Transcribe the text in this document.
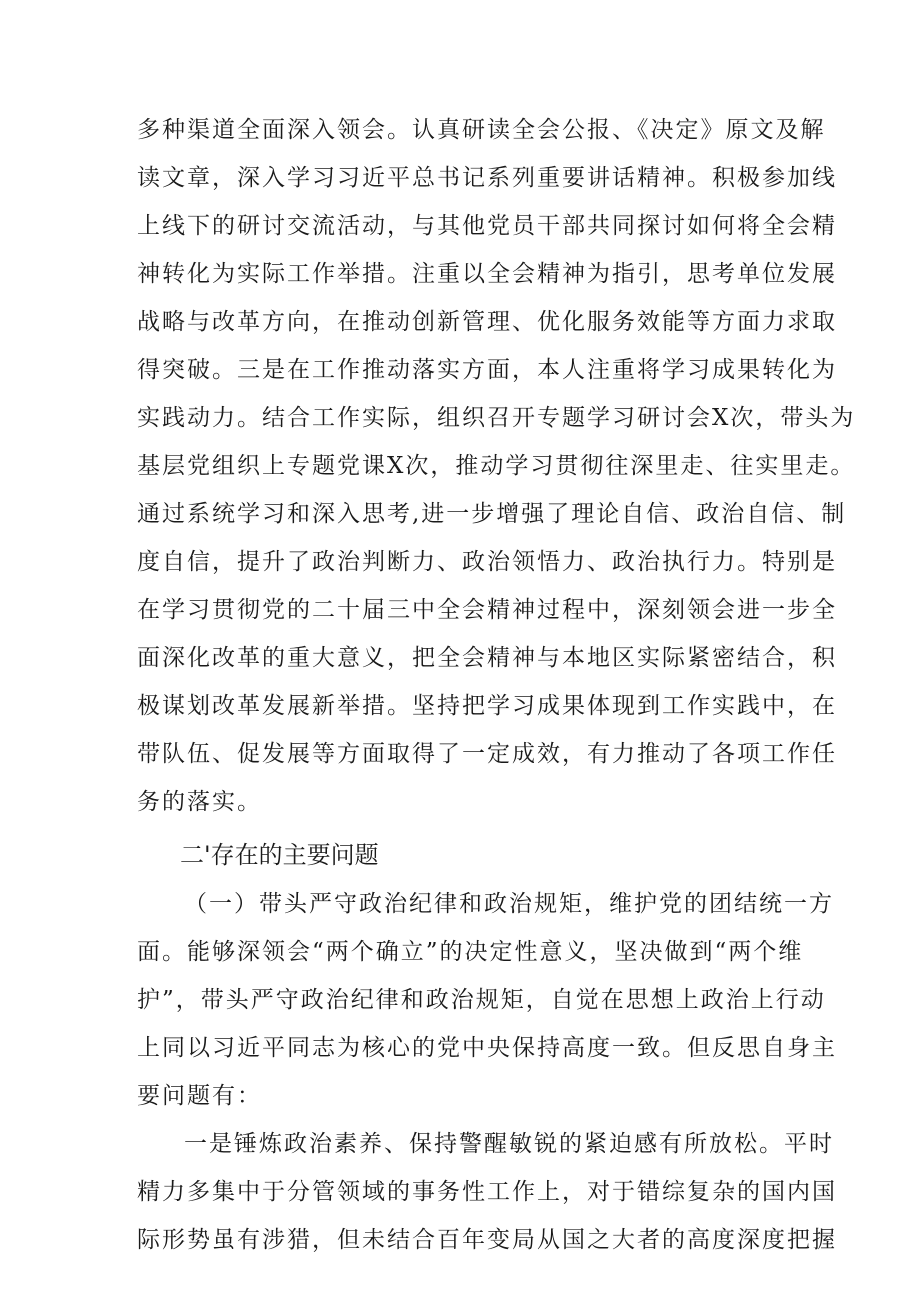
多种渠道全面深入领会。认真研读全会公报、《决定》原文及解

读文章，深入学习习近平总书记系列重要讲话精神。积极参加线

上线下的研讨交流活动，与其他党员干部共同探讨如何将全会精

神转化为实际工作举措。注重以全会精神为指引，思考单位发展

战略与改革方向，在推动创新管理、优化服务效能等方面力求取

得突破。三是在工作推动落实方面，本人注重将学习成果转化为

实践动力。结合工作实际，组织召开专题学习研讨会X次，带头为

基层党组织上专题党课X次，推动学习贯彻往深里走、往实里走。

通过系统学习和深入思考,进一步增强了理论自信、政治自信、制

度自信，提升了政治判断力、政治领悟力、政治执行力。特别是

在学习贯彻党的二十届三中全会精神过程中，深刻领会进一步全

面深化改革的重大意义，把全会精神与本地区实际紧密结合，积

极谋划改革发展新举措。坚持把学习成果体现到工作实践中，在

带队伍、促发展等方面取得了一定成效，有力推动了各项工作任

务的落实。

二'存在的主要问题

（一）带头严守政治纪律和政治规矩，维护党的团结统一方

面。能够深领会“两个确立”的决定性意义，坚决做到“两个维

护”，带头严守政治纪律和政治规矩，自觉在思想上政治上行动

上同以习近平同志为核心的党中央保持高度一致。但反思自身主

要问题有：

一是锤炼政治素养、保持警醒敏锐的紧迫感有所放松。平时

精力多集中于分管领域的事务性工作上，对于错综复杂的国内国

际形势虽有涉猎，但未结合百年变局从国之大者的高度深度把握
